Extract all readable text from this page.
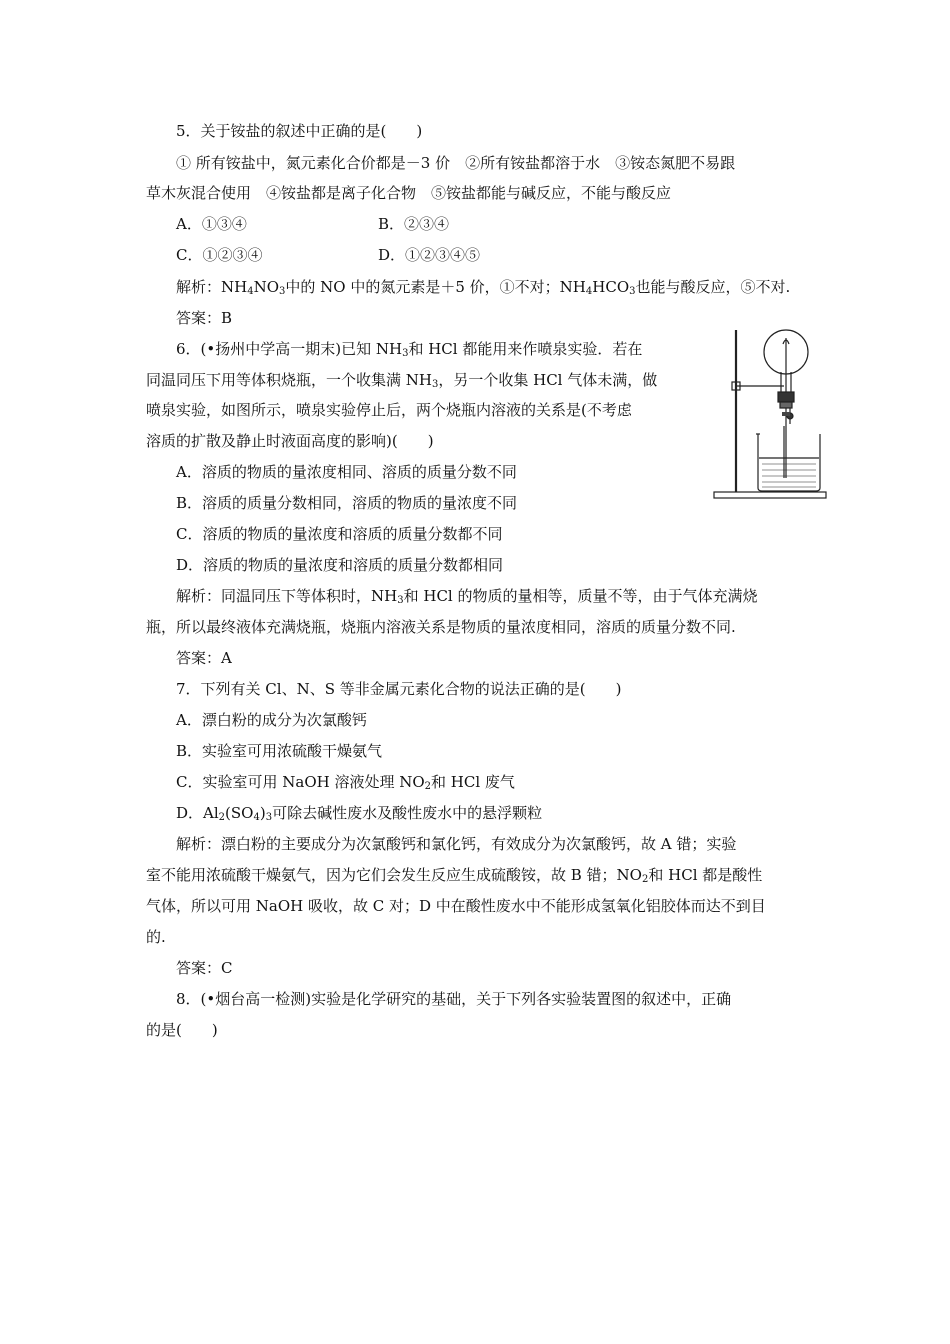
5．关于铵盐的叙述中正确的是(　　)
① 所有铵盐中，氮元素化合价都是－3 价　②所有铵盐都溶于水　③铵态氮肥不易跟
草木灰混合使用　④铵盐都是离子化合物　⑤铵盐都能与碱反应，不能与酸反应
A．①③④	B．②③④
C．①②③④	D．①②③④⑤
解析：$NH_4NO_3$中的 NO 中的氮元素是＋5 价，①不对；$NH_4HCO_3$也能与酸反应，⑤不对.
答案：B
6．(•扬州中学高一期末)已知 $NH_3$和 HCl 都能用来作喷泉实验．若在
同温同压下用等体积烧瓶，一个收集满 $NH_3$，另一个收集 HCl 气体未满，做
喷泉实验，如图所示，喷泉实验停止后，两个烧瓶内溶液的关系是(不考虑
溶质的扩散及静止时液面高度的影响)(　　)
A．溶质的物质的量浓度相同、溶质的质量分数不同
B．溶质的质量分数相同，溶质的物质的量浓度不同
C．溶质的物质的量浓度和溶质的质量分数都不同
D．溶质的物质的量浓度和溶质的质量分数都相同
解析：同温同压下等体积时，$NH_3$和 HCl 的物质的量相等，质量不等，由于气体充满烧
瓶，所以最终液体充满烧瓶，烧瓶内溶液关系是物质的量浓度相同，溶质的质量分数不同.
答案：A
7．下列有关 Cl、N、S 等非金属元素化合物的说法正确的是(　　)
A．漂白粉的成分为次氯酸钙
B．实验室可用浓硫酸干燥氨气
C．实验室可用 NaOH 溶液处理 $NO_2$和 HCl 废气
D．$Al_2(SO_4)_3$可除去碱性废水及酸性废水中的悬浮颗粒
解析：漂白粉的主要成分为次氯酸钙和氯化钙，有效成分为次氯酸钙，故 A 错；实验
室不能用浓硫酸干燥氨气，因为它们会发生反应生成硫酸铵，故 B 错；$NO_2$和 HCl 都是酸性
气体，所以可用 NaOH 吸收，故 C 对；D 中在酸性废水中不能形成氢氧化铝胶体而达不到目
的.
答案：C
8．(•烟台高一检测)实验是化学研究的基础，关于下列各实验装置图的叙述中，正确
的是(　　)
